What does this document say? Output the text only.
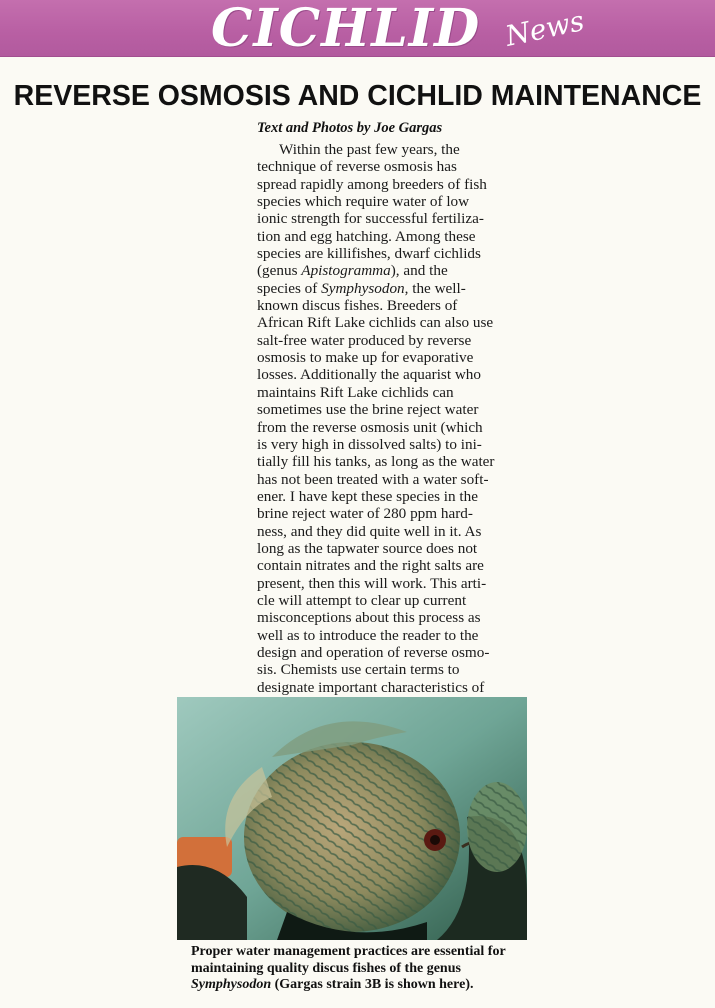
CICHLID News
REVERSE OSMOSIS AND CICHLID MAINTENANCE
Text and Photos by Joe Gargas
Within the past few years, the
technique of reverse osmosis has
spread rapidly among breeders of fish
species which require water of low
ionic strength for successful fertiliza-
tion and egg hatching. Among these
species are killifishes, dwarf cichlids
(genus Apistogramma), and the
species of Symphysodon, the well-
known discus fishes. Breeders of
African Rift Lake cichlids can also use
salt-free water produced by reverse
osmosis to make up for evaporative
losses. Additionally the aquarist who
maintains Rift Lake cichlids can
sometimes use the brine reject water
from the reverse osmosis unit (which
is very high in dissolved salts) to ini-
tially fill his tanks, as long as the water
has not been treated with a water soft-
ener. I have kept these species in the
brine reject water of 280 ppm hard-
ness, and they did quite well in it. As
long as the tapwater source does not
contain nitrates and the right salts are
present, then this will work. This arti-
cle will attempt to clear up current
misconceptions about this process as
well as to introduce the reader to the
design and operation of reverse osmo-
sis. Chemists use certain terms to
designate important characteristics of
Proper water management practices are essential for
maintaining quality discus fishes of the genus
Symphysodon (Gargas strain 3B is shown here).
